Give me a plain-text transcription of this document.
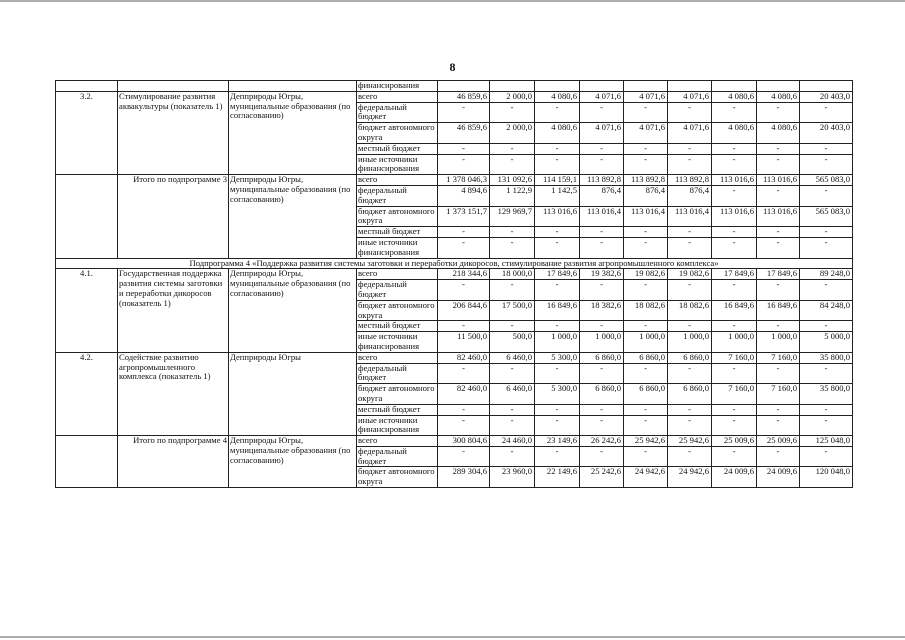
8
			финансирования									
3.2.	Стимулирование развития аквакультуры (показатель 1)	Депприроды Югры, муниципальные образования (по согласованию)	всего	46 859,6	2 000,0	4 080,6	4 071,6	4 071,6	4 071,6	4 080,6	4 080,6	20 403,0
			федеральный бюджет	-	-	-	-	-	-	-	-	-
			бюджет автономного округа	46 859,6	2 000,0	4 080,6	4 071,6	4 071,6	4 071,6	4 080,6	4 080,6	20 403,0
			местный бюджет	-	-	-	-	-	-	-	-	-
			иные источники финансирования	-	-	-	-	-	-	-	-	-
	Итого по подпрограмме 3	Депприроды Югры, муниципальные образования (по согласованию)	всего	1 378 046,3	131 092,6	114 159,1	113 892,8	113 892,8	113 892,8	113 016,6	113 016,6	565 083,0
			федеральный бюджет	4 894,6	1 122,9	1 142,5	876,4	876,4	876,4	-	-	-
			бюджет автономного округа	1 373 151,7	129 969,7	113 016,6	113 016,4	113 016,4	113 016,4	113 016,6	113 016,6	565 083,0
			местный бюджет	-	-	-	-	-	-	-	-	-
			иные источники финансирования	-	-	-	-	-	-	-	-	-
Подпрограмма 4 «Поддержка развития системы заготовки и переработки дикоросов, стимулирование развития агропромышленного комплекса»												
4.1.	Государственная поддержка развития системы заготовки и переработки дикоросов (показатель 1)	Депприроды Югры, муниципальные образования (по согласованию)	всего	218 344,6	18 000,0	17 849,6	19 382,6	19 082,6	19 082,6	17 849,6	17 849,6	89 248,0
			федеральный бюджет	-	-	-	-	-	-	-	-	-
			бюджет автономного округа	206 844,6	17 500,0	16 849,6	18 382,6	18 082,6	18 082,6	16 849,6	16 849,6	84 248,0
			местный бюджет	-	-	-	-	-	-	-	-	-
			иные источники финансирования	11 500,0	500,0	1 000,0	1 000,0	1 000,0	1 000,0	1 000,0	1 000,0	5 000,0
4.2.	Содействие развитию агропромышленного комплекса (показатель 1)	Депприроды Югры	всего	82 460,0	6 460,0	5 300,0	6 860,0	6 860,0	6 860,0	7 160,0	7 160,0	35 800,0
			федеральный бюджет	-	-	-	-	-	-	-	-	-
			бюджет автономного округа	82 460,0	6 460,0	5 300,0	6 860,0	6 860,0	6 860,0	7 160,0	7 160,0	35 800,0
			местный бюджет	-	-	-	-	-	-	-	-	-
			иные источники финансирования	-	-	-	-	-	-	-	-	-
	Итого по подпрограмме 4	Депприроды Югры, муниципальные образования (по согласованию)	всего	300 804,6	24 460,0	23 149,6	26 242,6	25 942,6	25 942,6	25 009,6	25 009,6	125 048,0
			федеральный бюджет	-	-	-	-	-	-	-	-	-
			бюджет автономного округа	289 304,6	23 960,0	22 149,6	25 242,6	24 942,6	24 942,6	24 009,6	24 009,6	120 048,0
